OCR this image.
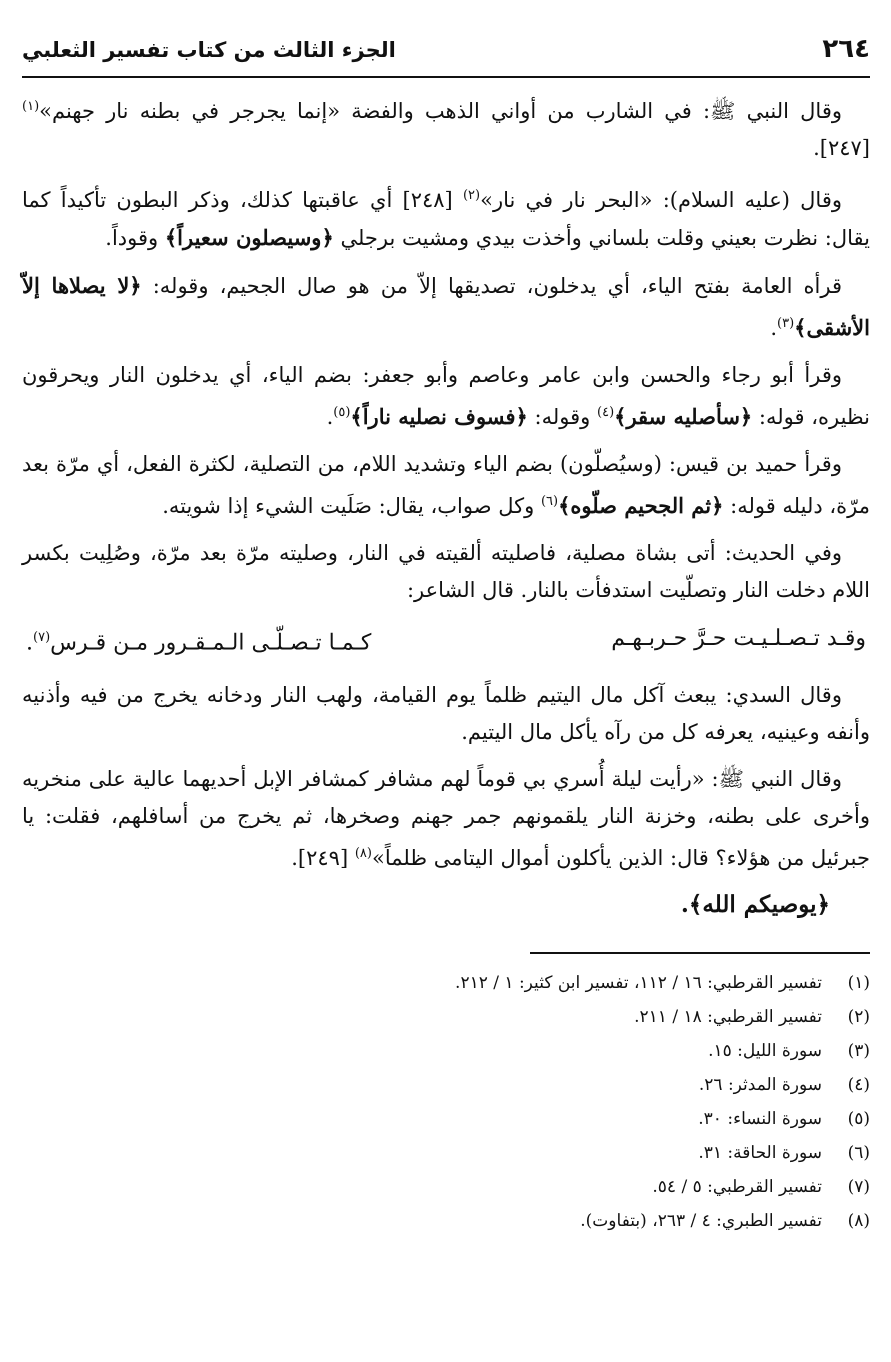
٢٦٤
الجزء الثالث من كتاب تفسير الثعلبي

وقال النبي ﷺ: في الشارب من أواني الذهب والفضة «إنما يجرجر في بطنه نار جهنم»$^{(١)}$ [٢٤٧].

وقال (عليه السلام): «البحر نار في نار»$^{(٢)}$ [٢٤٨] أي عاقبتها كذلك، وذكر البطون تأكيداً كما يقال: نظرت بعيني وقلت بلساني وأخذت بيدي ومشيت برجلي ﴿وسيصلون سعيراً﴾ وقوداً.

قرأه العامة بفتح الياء، أي يدخلون، تصديقها إلاّ من هو صال الجحيم، وقوله: ﴿لا يصلاها إلاّ الأشقى﴾$^{(٣)}$.

وقرأ أبو رجاء والحسن وابن عامر وعاصم وأبو جعفر: بضم الياء، أي يدخلون النار ويحرقون نظيره، قوله: ﴿سأصليه سقر﴾$^{(٤)}$ وقوله: ﴿فسوف نصليه ناراً﴾$^{(٥)}$.

وقرأ حميد بن قيس: (وسيُصلّون) بضم الياء وتشديد اللام، من التصلية، لكثرة الفعل، أي مرّة بعد مرّة، دليله قوله: ﴿ثم الجحيم صلّوه﴾$^{(٦)}$ وكل صواب، يقال: صَلَيت الشيء إذا شويته.

وفي الحديث: أتى بشاة مصلية، فاصليته ألقيته في النار، وصليته مرّة بعد مرّة، وصُلِيت بكسر اللام دخلت النار وتصلّيت استدفأت بالنار. قال الشاعر:

وقـد تـصـلـيـت حـرَّ حـربـهـم
كـمـا تـصـلّـى الـمـقـرور مـن قـرس$^{(٧)}$.

وقال السدي: يبعث آكل مال اليتيم ظلماً يوم القيامة، ولهب النار ودخانه يخرج من فيه وأذنيه وأنفه وعينيه، يعرفه كل من رآه يأكل مال اليتيم.

وقال النبي ﷺ: «رأيت ليلة أُسري بي قوماً لهم مشافر كمشافر الإبل أحديهما عالية على منخريه وأخرى على بطنه، وخزنة النار يلقمونهم جمر جهنم وصخرها، ثم يخرج من أسافلهم، فقلت: يا جبرئيل من هؤلاء؟ قال: الذين يأكلون أموال اليتامى ظلماً»$^{(٨)}$ [٢٤٩].

﴿يوصيكم الله﴾.
(١)
تفسير القرطبي: ١٦ / ١١٢، تفسير ابن كثير: ١ / ٢١٢.
(٢)
تفسير القرطبي: ١٨ / ٢١١.
(٣)
سورة الليل: ١٥.
(٤)
سورة المدثر: ٢٦.
(٥)
سورة النساء: ٣٠.
(٦)
سورة الحاقة: ٣١.
(٧)
تفسير القرطبي: ٥ / ٥٤.
(٨)
تفسير الطبري: ٤ / ٢٦٣، (بتفاوت).
